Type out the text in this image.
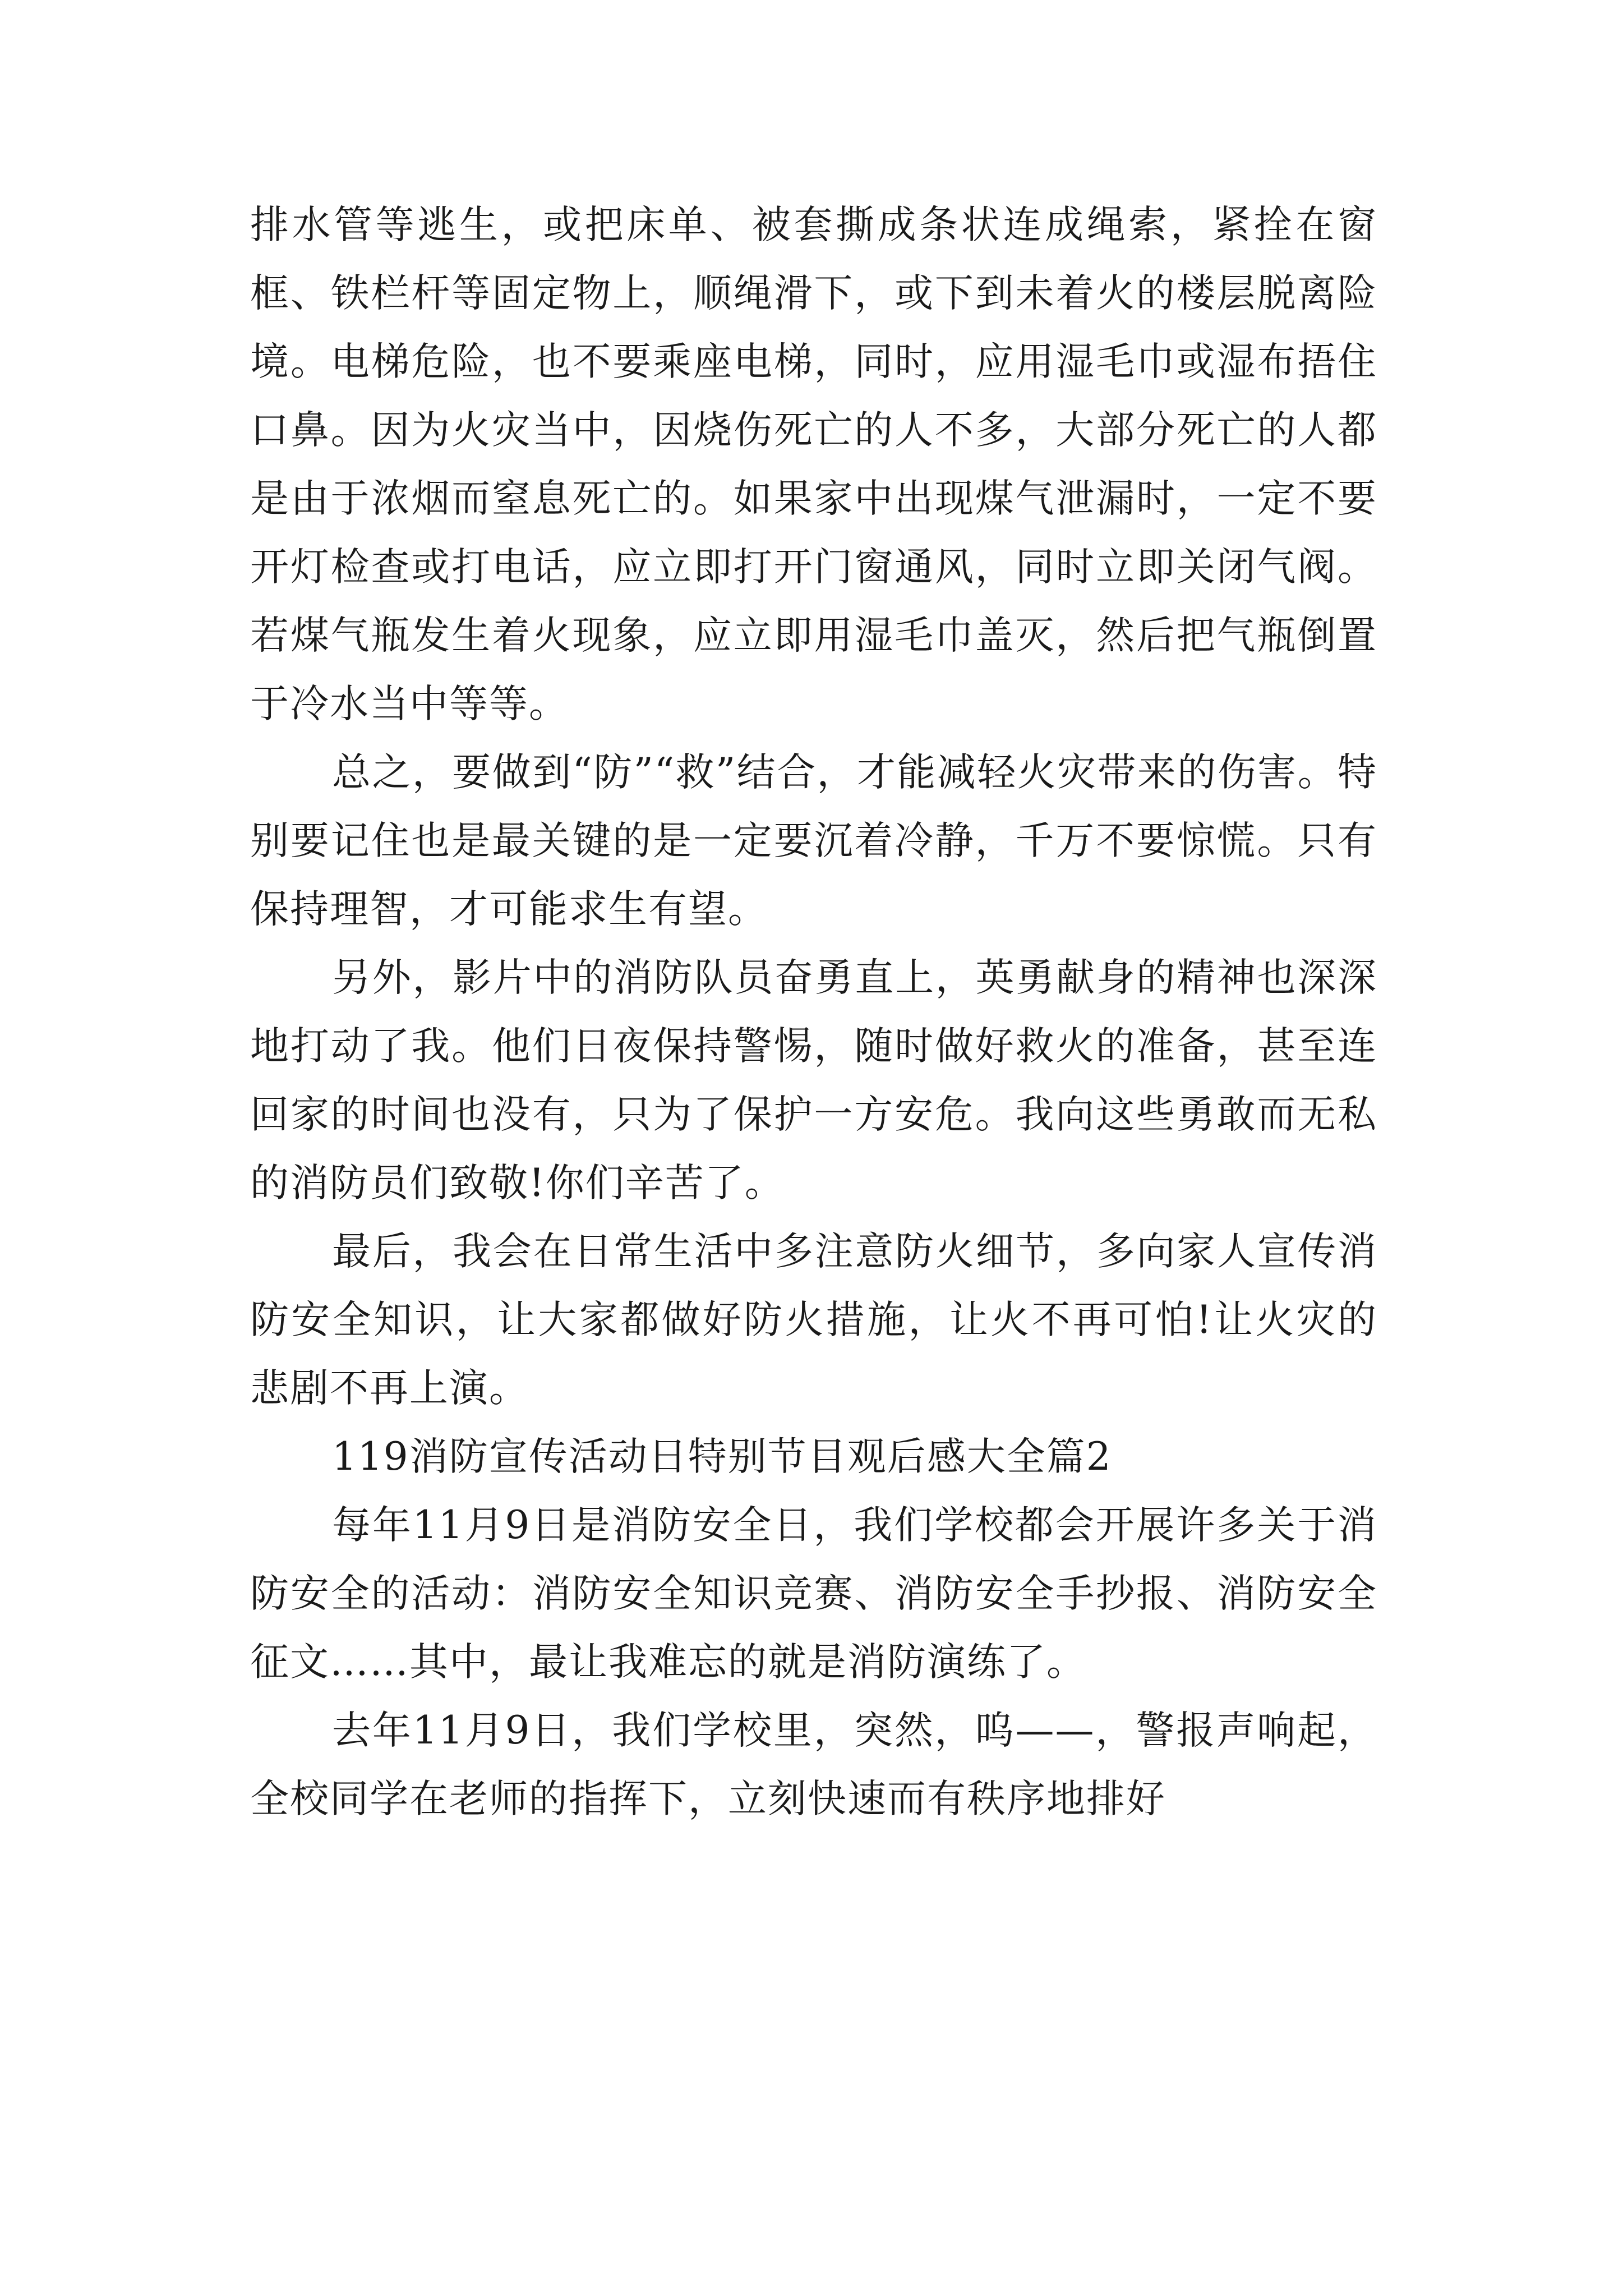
排水管等逃生，或把床单、被套撕成条状连成绳索，紧拴在窗框、铁栏杆等固定物上，顺绳滑下，或下到未着火的楼层脱离险境。电梯危险，也不要乘座电梯，同时，应用湿毛巾或湿布捂住口鼻。因为火灾当中，因烧伤死亡的人不多，大部分死亡的人都是由于浓烟而窒息死亡的。如果家中出现煤气泄漏时，一定不要开灯检查或打电话，应立即打开门窗通风，同时立即关闭气阀。若煤气瓶发生着火现象，应立即用湿毛巾盖灭，然后把气瓶倒置于冷水当中等等。

总之，要做到“防”“救”结合，才能减轻火灾带来的伤害。特别要记住也是最关键的是一定要沉着冷静，千万不要惊慌。只有保持理智，才可能求生有望。

另外，影片中的消防队员奋勇直上，英勇献身的精神也深深地打动了我。他们日夜保持警惕，随时做好救火的准备，甚至连回家的时间也没有，只为了保护一方安危。我向这些勇敢而无私的消防员们致敬!你们辛苦了。

最后，我会在日常生活中多注意防火细节，多向家人宣传消防安全知识，让大家都做好防火措施，让火不再可怕!让火灾的悲剧不再上演。

119消防宣传活动日特别节目观后感大全篇2

每年11月9日是消防安全日，我们学校都会开展许多关于消防安全的活动：消防安全知识竞赛、消防安全手抄报、消防安全征文……其中，最让我难忘的就是消防演练了。

去年11月9日，我们学校里，突然，呜——，警报声响起，全校同学在老师的指挥下，立刻快速而有秩序地排好
